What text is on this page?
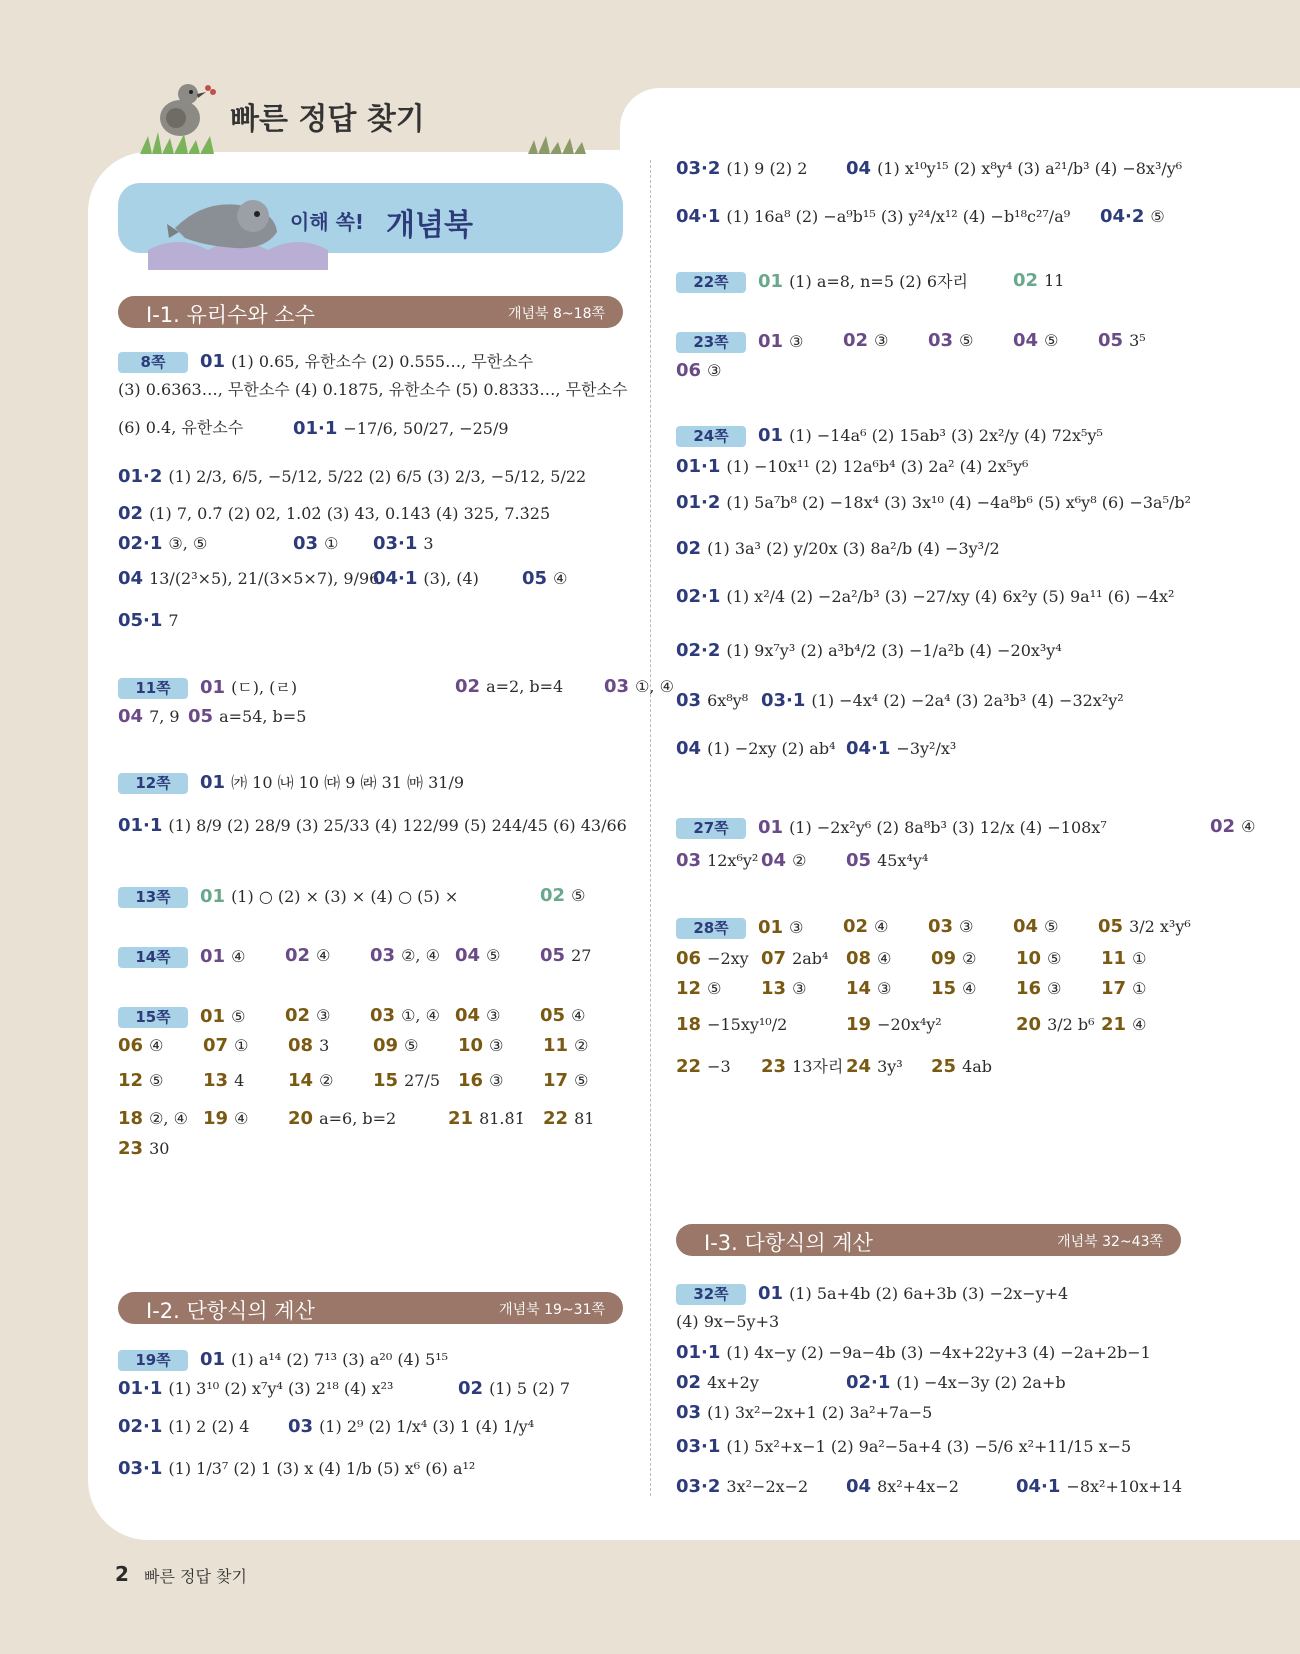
빠른 정답 찾기
이해 쏙! 개념북
Ⅰ-1. 유리수와 소수	개념북 8~18쪽
Ⅰ-2. 단항식의 계산	개념북 19~31쪽
Ⅰ-3. 다항식의 계산	개념북 32~43쪽
2 빠른 정답 찾기
8쪽 01 (1) 0.65, 유한소수 (2) 0.555…, 무한소수
(3) 0.6363…, 무한소수 (4) 0.1875, 유한소수 (5) 0.8333…, 무한소수
(6) 0.4, 유한소수	01·1 −17/6, 50/27, −25/9
01·2 (1) 2/3, 6/5, −5/12, 5/22 (2) 6/5 (3) 2/3, −5/12, 5/22
02 (1) 7, 0.7̇ (2) 02, 1.0̇2̇ (3) 43, 0.14̇3̇ (4) 325, 7.3̇25̇
02·1 ③, ⑤	03 ① 03·1 3
04 13/(2³×5), 21/(3×5×7), 9/96
04·1 (3), (4) 05 ④
05·1 7
11쪽 01 (ㄷ), (ㄹ)	02 a=2, b=4 03 ①, ④
04 7, 9 05 a=54, b=5
12쪽 01 ㈎ 10 ㈏ 10 ㈐ 9 ㈑ 31 ㈒ 31/9
01·1 (1) 8/9 (2) 28/9 (3) 25/33 (4) 122/99 (5) 244/45 (6) 43/66
13쪽 01 (1) ○ (2) × (3) × (4) ○ (5) ×	02 ⑤
14쪽 01 ④ 02 ④ 03 ②, ④ 04 ⑤ 05 27
15쪽 01 ⑤ 02 ③ 03 ①, ④ 04 ③ 05 ④
06 ④ 07 ① 08 3 09 ⑤ 10 ③ 11 ②
12 ⑤ 13 4 14 ② 15 27/5 16 ③ 17 ⑤
18 ②, ④ 19 ④ 20 a=6, b=2	21 81.8̇1̇ 22 81
23 30
19쪽 01 (1) a¹⁴ (2) 7¹³ (3) a²⁰ (4) 5¹⁵
01·1 (1) 3¹⁰ (2) x⁷y⁴ (3) 2¹⁸ (4) x²³	02 (1) 5 (2) 7
02·1 (1) 2 (2) 4 03 (1) 2⁹ (2) 1/x⁴ (3) 1 (4) 1/y⁴
03·1 (1) 1/3⁷ (2) 1 (3) x (4) 1/b (5) x⁶ (6) a¹²
03·2 (1) 9 (2) 2 04 (1) x¹⁰y¹⁵ (2) x⁸y⁴ (3) a²¹/b³ (4) −8x³/y⁶
04·1 (1) 16a⁸ (2) −a⁹b¹⁵ (3) y²⁴/x¹² (4) −b¹⁸c²⁷/a⁹ 04·2 ⑤
22쪽 01 (1) a=8, n=5 (2) 6자리	02 11
23쪽 01 ③ 02 ③ 03 ⑤ 04 ⑤ 05 3⁵
06 ③
24쪽 01 (1) −14a⁶ (2) 15ab³ (3) 2x²/y (4) 72x⁵y⁵
01·1 (1) −10x¹¹ (2) 12a⁶b⁴ (3) 2a² (4) 2x⁵y⁶
01·2 (1) 5a⁷b⁸ (2) −18x⁴ (3) 3x¹⁰ (4) −4a⁸b⁶ (5) x⁶y⁸ (6) −3a⁵/b²
02 (1) 3a³ (2) y/20x (3) 8a²/b (4) −3y³/2
02·1 (1) x²/4 (2) −2a²/b³ (3) −27/xy (4) 6x²y (5) 9a¹¹ (6) −4x²
02·2 (1) 9x⁷y³ (2) a³b⁴/2 (3) −1/a²b (4) −20x³y⁴
03 6x⁸y⁸ 03·1 (1) −4x⁴ (2) −2a⁴ (3) 2a³b³ (4) −32x²y²
04 (1) −2xy (2) ab⁴ 04·1 −3y²/x³
27쪽 01 (1) −2x²y⁶ (2) 8a⁸b³ (3) 12/x (4) −108x⁷	02 ④
03 12x⁶y² 04 ② 05 45x⁴y⁴
28쪽 01 ③ 02 ④ 03 ③ 04 ⑤ 05 3/2 x³y⁶
06 −2xy 07 2ab⁴ 08 ④ 09 ② 10 ⑤ 11 ①
12 ⑤ 13 ③ 14 ③ 15 ④ 16 ③ 17 ①
18 −15xy¹⁰/2	19 −20x⁴y²	20 3/2 b⁶ 21 ④
22 −3 23 13자리 24 3y³ 25 4ab
32쪽 01 (1) 5a+4b (2) 6a+3b (3) −2x−y+4
(4) 9x−5y+3
01·1 (1) 4x−y (2) −9a−4b (3) −4x+22y+3 (4) −2a+2b−1
02 4x+2y	02·1 (1) −4x−3y (2) 2a+b
03 (1) 3x²−2x+1 (2) 3a²+7a−5
03·1 (1) 5x²+x−1 (2) 9a²−5a+4 (3) −5/6 x²+11/15 x−5
03·2 3x²−2x−2 04 8x²+4x−2	04·1 −8x²+10x+14
